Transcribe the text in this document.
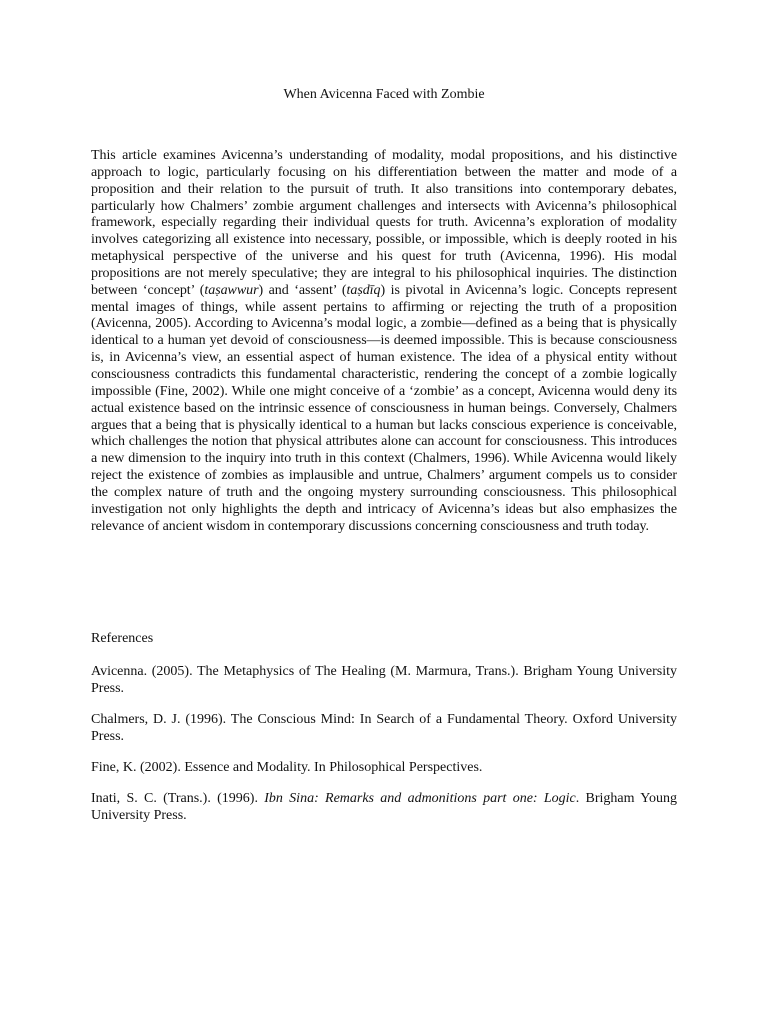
When Avicenna Faced with Zombie

This article examines Avicenna’s understanding of modality, modal propositions, and his distinctive approach to logic, particularly focusing on his differentiation between the matter and mode of a proposition and their relation to the pursuit of truth. It also transitions into contemporary debates, particularly how Chalmers’ zombie argument challenges and intersects with Avicenna’s philosophical framework, especially regarding their individual quests for truth. Avicenna’s exploration of modality involves categorizing all existence into necessary, possible, or impossible, which is deeply rooted in his metaphysical perspective of the universe and his quest for truth (Avicenna, 1996). His modal propositions are not merely speculative; they are integral to his philosophical inquiries. The distinction between ‘concept’ (taṣawwur) and ‘assent’ (taṣdīq) is pivotal in Avicenna’s logic. Concepts represent mental images of things, while assent pertains to affirming or rejecting the truth of a proposition (Avicenna, 2005). According to Avicenna’s modal logic, a zombie—defined as a being that is physically identical to a human yet devoid of consciousness—is deemed impossible. This is because consciousness is, in Avicenna’s view, an essential aspect of human existence. The idea of a physical entity without consciousness contradicts this fundamental characteristic, rendering the concept of a zombie logically impossible (Fine, 2002). While one might conceive of a ‘zombie’ as a concept, Avicenna would deny its actual existence based on the intrinsic essence of consciousness in human beings. Conversely, Chalmers argues that a being that is physically identical to a human but lacks conscious experience is conceivable, which challenges the notion that physical attributes alone can account for consciousness. This introduces a new dimension to the inquiry into truth in this context (Chalmers, 1996). While Avicenna would likely reject the existence of zombies as implausible and untrue, Chalmers’ argument compels us to consider the complex nature of truth and the ongoing mystery surrounding consciousness. This philosophical investigation not only highlights the depth and intricacy of Avicenna’s ideas but also emphasizes the relevance of ancient wisdom in contemporary discussions concerning consciousness and truth today.

References

Avicenna. (2005). The Metaphysics of The Healing (M. Marmura, Trans.). Brigham Young University Press.

Chalmers, D. J. (1996). The Conscious Mind: In Search of a Fundamental Theory. Oxford University Press.

Fine, K. (2002). Essence and Modality. In Philosophical Perspectives.

Inati, S. C. (Trans.). (1996). Ibn Sina: Remarks and admonitions part one: Logic. Brigham Young University Press.
